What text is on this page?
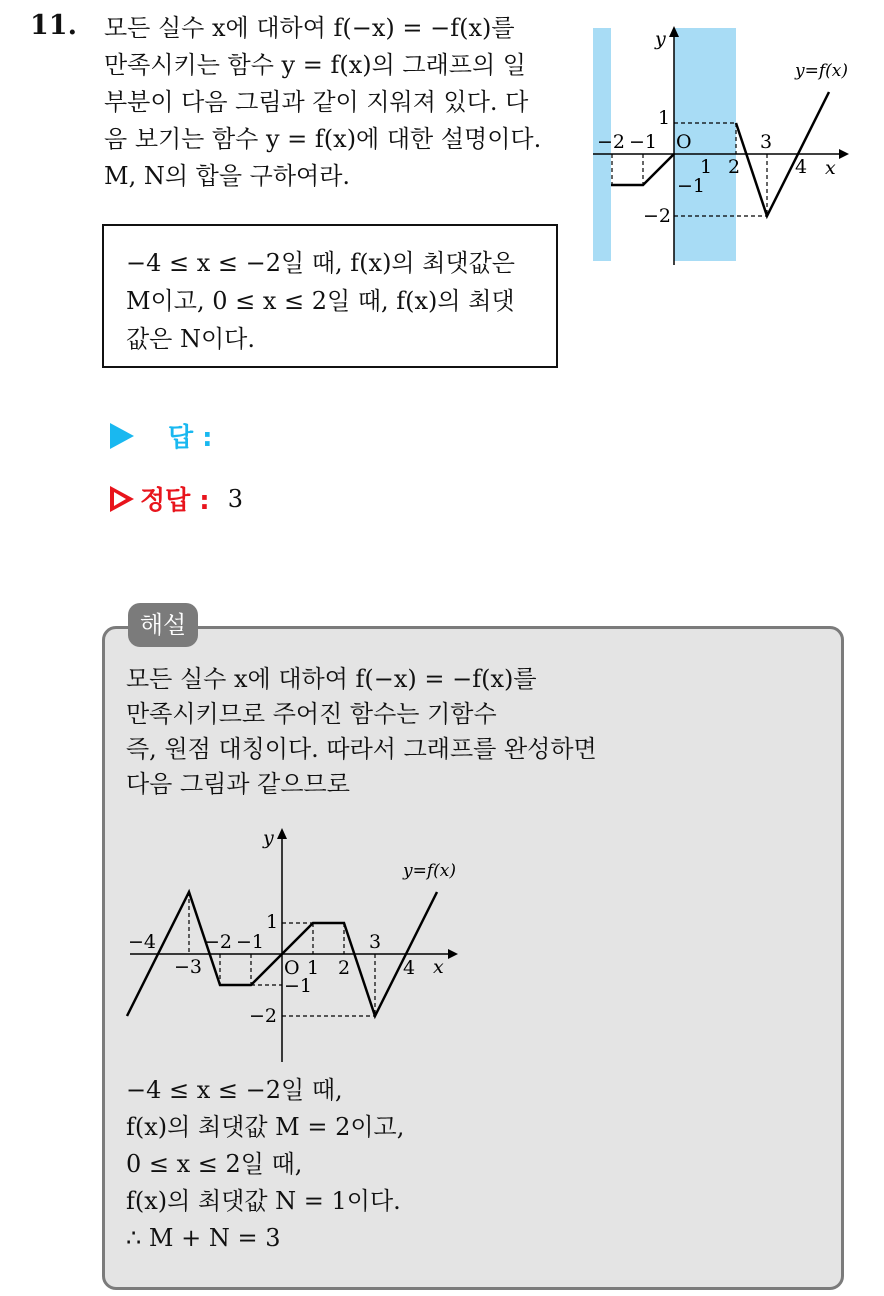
11. 모든 실수 x에 대하여 f(−x) = −f(x)를

만족시키는 함수 y = f(x)의 그래프의 일

부분이 다음 그림과 같이 지워져 있다. 다

음 보기는 함수 y = f(x)에 대한 설명이다.

M, N의 합을 구하여라.

−4 ≤ x ≤ −2일 때, f(x)의 최댓값은

M이고, 0 ≤ x ≤ 2일 때, f(x)의 최댓

값은 N이다.

y
x
y=f(x)
O
−2 −1
1 2
3
4
1
−1
−2
답 :
정답 : 3
해설

모든 실수 x에 대하여 f(−x) = −f(x)를

만족시키므로 주어진 함수는 기함수

즉, 원점 대칭이다. 따라서 그래프를 완성하면

다음 그림과 같으므로

y
x
y=f(x)
O
−4
−3
−2 −1
1 2
3
4
1
−1
−2

−4 ≤ x ≤ −2일 때,

f(x)의 최댓값 M = 2이고,

0 ≤ x ≤ 2일 때,

f(x)의 최댓값 N = 1이다.

∴ M + N = 3
